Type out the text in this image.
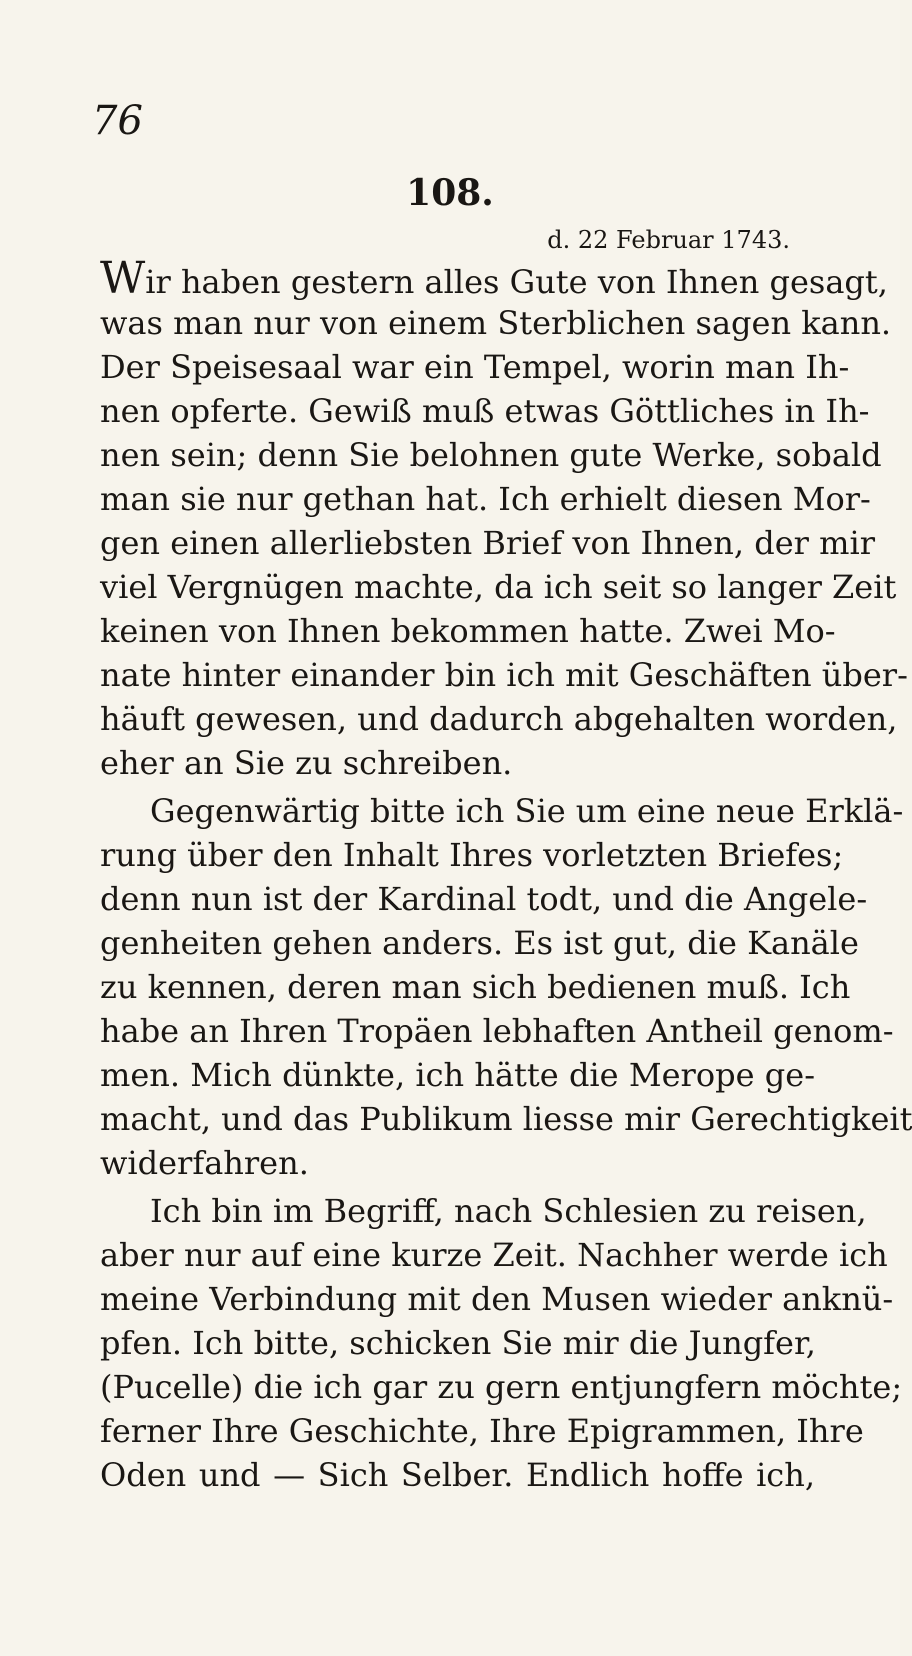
76
108.
d. 22 Februar 1743.
Wir haben gestern alles Gute von Ihnen gesagt,
was man nur von einem Sterblichen sagen kann.
Der Speisesaal war ein Tempel, worin man Ih-
nen opferte. Gewiß muß etwas Göttliches in Ih-
nen sein; denn Sie belohnen gute Werke, sobald
man sie nur gethan hat. Ich erhielt diesen Mor-
gen einen allerliebsten Brief von Ihnen, der mir
viel Vergnügen machte, da ich seit so langer Zeit
keinen von Ihnen bekommen hatte. Zwei Mo-
nate hinter einander bin ich mit Geschäften über-
häuft gewesen, und dadurch abgehalten worden,
eher an Sie zu schreiben.
Gegenwärtig bitte ich Sie um eine neue Erklä-
rung über den Inhalt Ihres vorletzten Briefes;
denn nun ist der Kardinal todt, und die Angele-
genheiten gehen anders. Es ist gut, die Kanäle
zu kennen, deren man sich bedienen muß. Ich
habe an Ihren Tropäen lebhaften Antheil genom-
men. Mich dünkte, ich hätte die Merope ge-
macht, und das Publikum liesse mir Gerechtigkeit
widerfahren.
Ich bin im Begriff, nach Schlesien zu reisen,
aber nur auf eine kurze Zeit. Nachher werde ich
meine Verbindung mit den Musen wieder anknü-
pfen. Ich bitte, schicken Sie mir die Jungfer,
(Pucelle) die ich gar zu gern entjungfern möchte;
ferner Ihre Geschichte, Ihre Epigrammen, Ihre
Oden und — Sich Selber. Endlich hoffe ich,
